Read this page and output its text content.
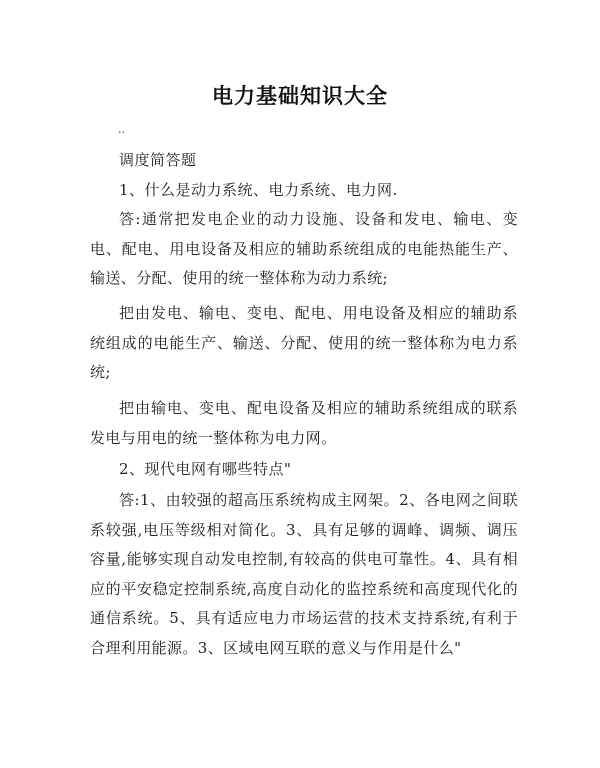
电力基础知识大全
..
调度简答题
1、什么是动力系统、电力系统、电力网.
答:通常把发电企业的动力设施、设备和发电、输电、变电、配电、用电设备及相应的辅助系统组成的电能热能生产、输送、分配、使用的统一整体称为动力系统;
把由发电、输电、变电、配电、用电设备及相应的辅助系统组成的电能生产、输送、分配、使用的统一整体称为电力系统;
把由输电、变电、配电设备及相应的辅助系统组成的联系发电与用电的统一整体称为电力网。
2、现代电网有哪些特点"
答:1、由较强的超高压系统构成主网架。2、各电网之间联系较强,电压等级相对简化。3、具有足够的调峰、调频、调压容量,能够实现自动发电控制,有较高的供电可靠性。4、具有相应的平安稳定控制系统,高度自动化的监控系统和高度现代化的通信系统。5、具有适应电力市场运营的技术支持系统,有利于合理利用能源。3、区域电网互联的意义与作用是什么"
